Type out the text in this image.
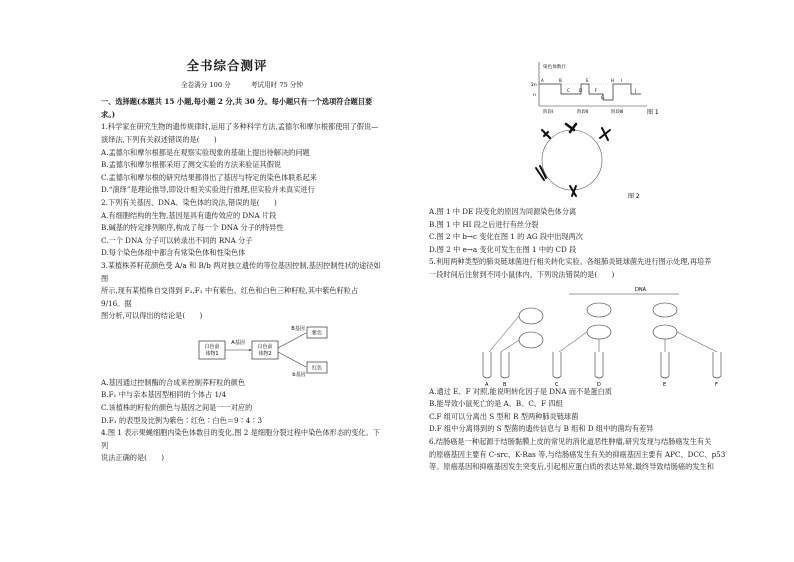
全书综合测评
全卷满分 100 分	考试用时 75 分钟

一、选择题(本题共 15 小题,每小题 2 分,共 30 分。每小题只有一个选项符合题目要求。)

1.科学家在研究生物的遗传规律时,运用了多种科学方法,孟德尔和摩尔根都使用了假说—演绎法,下列有关叙述错误的是(　　)

A.孟德尔和摩尔根都是在观察实验现象的基础上提出待解决的问题

B.孟德尔和摩尔根都采用了测交实验的方法来验证其假说

C.孟德尔和摩尔根的研究结果都得出了基因与特定的染色体联系起来

D.“演绎”是理论推导,即设计相关实验进行推理,但实验并未真实进行

2.下列有关基因、DNA、染色体的说法,错误的是(　　)

A.有细胞结构的生物,基因是具有遗传效应的 DNA 片段

B.碱基的特定排列顺序,构成了每一个 DNA 分子的特异性

C.一个 DNA 分子可以转录出不同的 RNA 分子

D.每个染色体组中都含有常染色体和性染色体

3.某植株荞籽花颜色受 A/a 和 B/b 两对独立遗传的等位基因控制,基因控制性状的途径如图

所示,现有某植株自交得到 F₁,F₁ 中有紫色、红色和白色三种籽粒,其中紫色籽粒占 9/16。据

图分析,可以得出的结论是(　　)

白色前
体物1
A基因
白色前
体物2
B基因
b基因
紫色
红色

A.基因通过控制酶的合成来控制荞籽粒的颜色

B.F₁ 中与亲本基因型相同的个体占 1/4

C.该植株的籽粒的颜色与基因之间是一一对应的

D.F₁ 的表型及比例为紫色∶红色∶白色＝9∶4∶3

4.图 1 表示果蝇细胞内染色体数目的变化,图 2 是细胞分裂过程中染色体形态的变化。下列

说法正确的是(　　)

染色体数目
2n
n
A	B
C D
E
F
G
H I
J
阶段Ⅰ	阶段Ⅱ	阶段Ⅲ	图 1
图 2

A.图 1 中 DE 段变化的原因为同源染色体分离

B.图 1 中 HI 段之后进行有丝分裂

C.图 2 中 b→c 变化在图 1 的 AG 段中出现两次

D.图 2 中 e→a 变化可发生在图 1 中的 CD 段

5.利用两种类型的肺炎链球菌进行相关转化实验。各组肺炎链球菌先进行图示处理,再培养

一段时间后注射到不同小鼠体内。下列说法错误的是(　　)

DNA
A	B	C	D	E	F

A.通过 E、F 对照,能说明转化因子是 DNA 而不是蛋白质

B.能导致小鼠死亡的是 A、B、C、F 四组

C.F 组可以分离出 S 型和 R 型两种肺炎链球菌

D.F 组中分离得到的 S 型菌的遗传信息与 B 组和 D 组中的菌均有差异

6.结肠癌是一种起源于结肠黏膜上皮的常见的消化道恶性肿瘤,研究发现与结肠癌发生有关

的原癌基因主要有 C-src、K-Ras 等,与结肠癌发生有关的抑癌基因主要有 APC、DCC、p53

等。原癌基因和抑癌基因发生突变后,引起相应蛋白质的表达异常,最终导致结肠癌的发生和
